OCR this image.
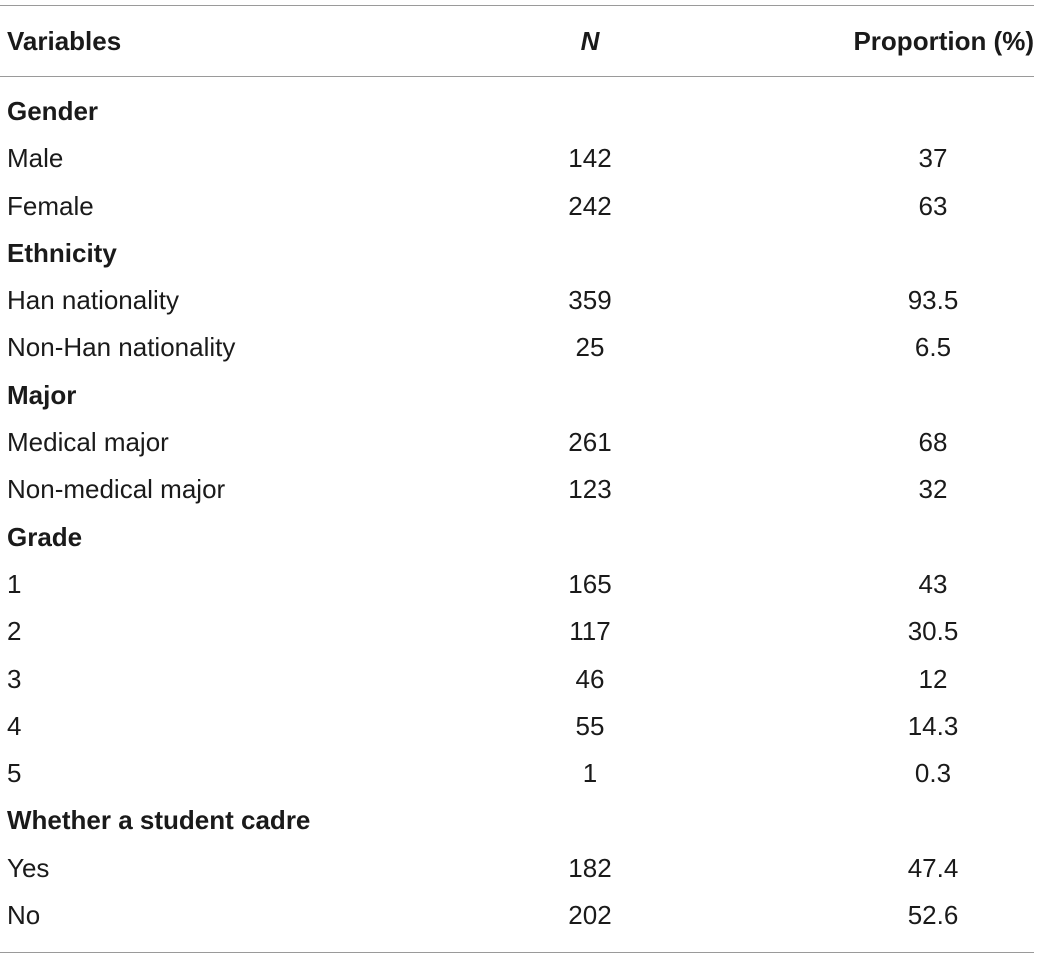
Variables	N	Proportion (%)
Gender
Male	142	37
Female	242	63
Ethnicity
Han nationality	359	93.5
Non-Han nationality	25	6.5
Major
Medical major	261	68
Non-medical major	123	32
Grade
1	165	43
2	117	30.5
3	46	12
4	55	14.3
5	1	0.3
Whether a student cadre
Yes	182	47.4
No	202	52.6
